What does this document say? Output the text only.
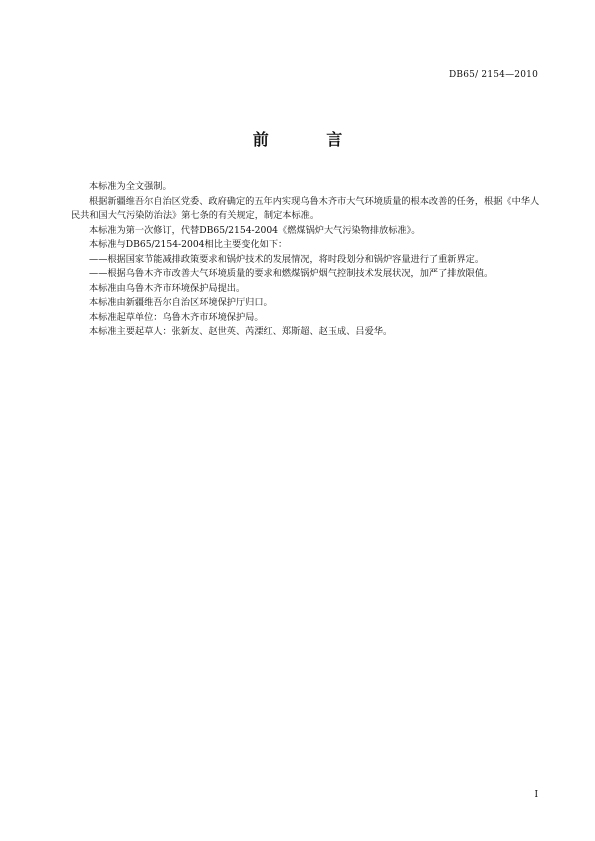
DB65/ 2154—2010
前 言

本标准为全文强制。

根据新疆维吾尔自治区党委、政府确定的五年内实现乌鲁木齐市大气环境质量的根本改善的任务，根据《中华人民共和国大气污染防治法》第七条的有关规定，制定本标准。

本标准为第一次修订，代替DB65/2154-2004《燃煤锅炉大气污染物排放标准》。

本标准与DB65/2154-2004相比主要变化如下：

——根据国家节能减排政策要求和锅炉技术的发展情况，将时段划分和锅炉容量进行了重新界定。

——根据乌鲁木齐市改善大气环境质量的要求和燃煤锅炉烟气控制技术发展状况，加严了排放限值。

本标准由乌鲁木齐市环境保护局提出。

本标准由新疆维吾尔自治区环境保护厅归口。

本标准起草单位：乌鲁木齐市环境保护局。

本标准主要起草人：张新友、赵世英、芮溧红、郑斯超、赵玉成、吕爱华。

I
